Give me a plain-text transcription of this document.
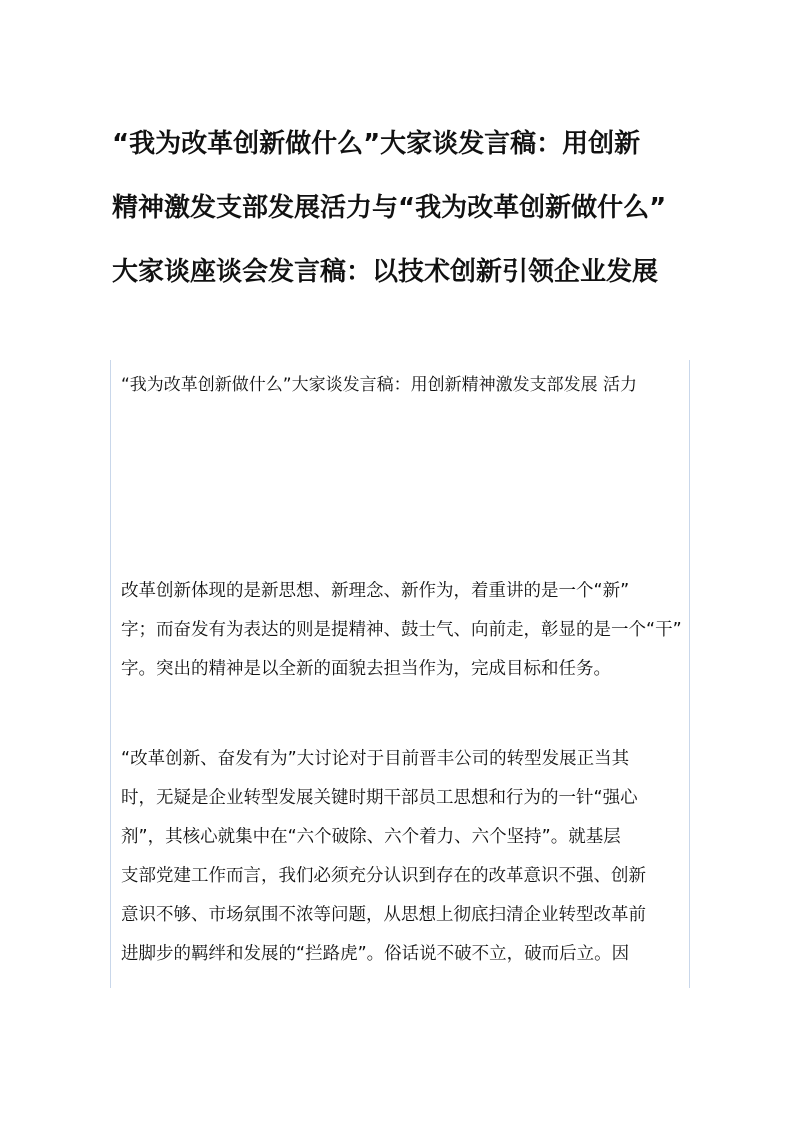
“我为改革创新做什么”大家谈发言稿：用创新
精神激发支部发展活力与“我为改革创新做什么”
大家谈座谈会发言稿：以技术创新引领企业发展
“我为改革创新做什么”大家谈发言稿：用创新精神激发支部发展 活力

改革创新体现的是新思想、新理念、新作为，着重讲的是一个“新”
字；而奋发有为表达的则是提精神、鼓士气、向前走，彰显的是一个“干”
字。突出的精神是以全新的面貌去担当作为，完成目标和任务。

“改革创新、奋发有为”大讨论对于目前晋丰公司的转型发展正当其
时，无疑是企业转型发展关键时期干部员工思想和行为的一针“强心
剂”，其核心就集中在“六个破除、六个着力、六个坚持”。就基层
支部党建工作而言，我们必须充分认识到存在的改革意识不强、创新
意识不够、市场氛围不浓等问题，从思想上彻底扫清企业转型改革前
进脚步的羁绊和发展的“拦路虎”。俗话说不破不立，破而后立。因
